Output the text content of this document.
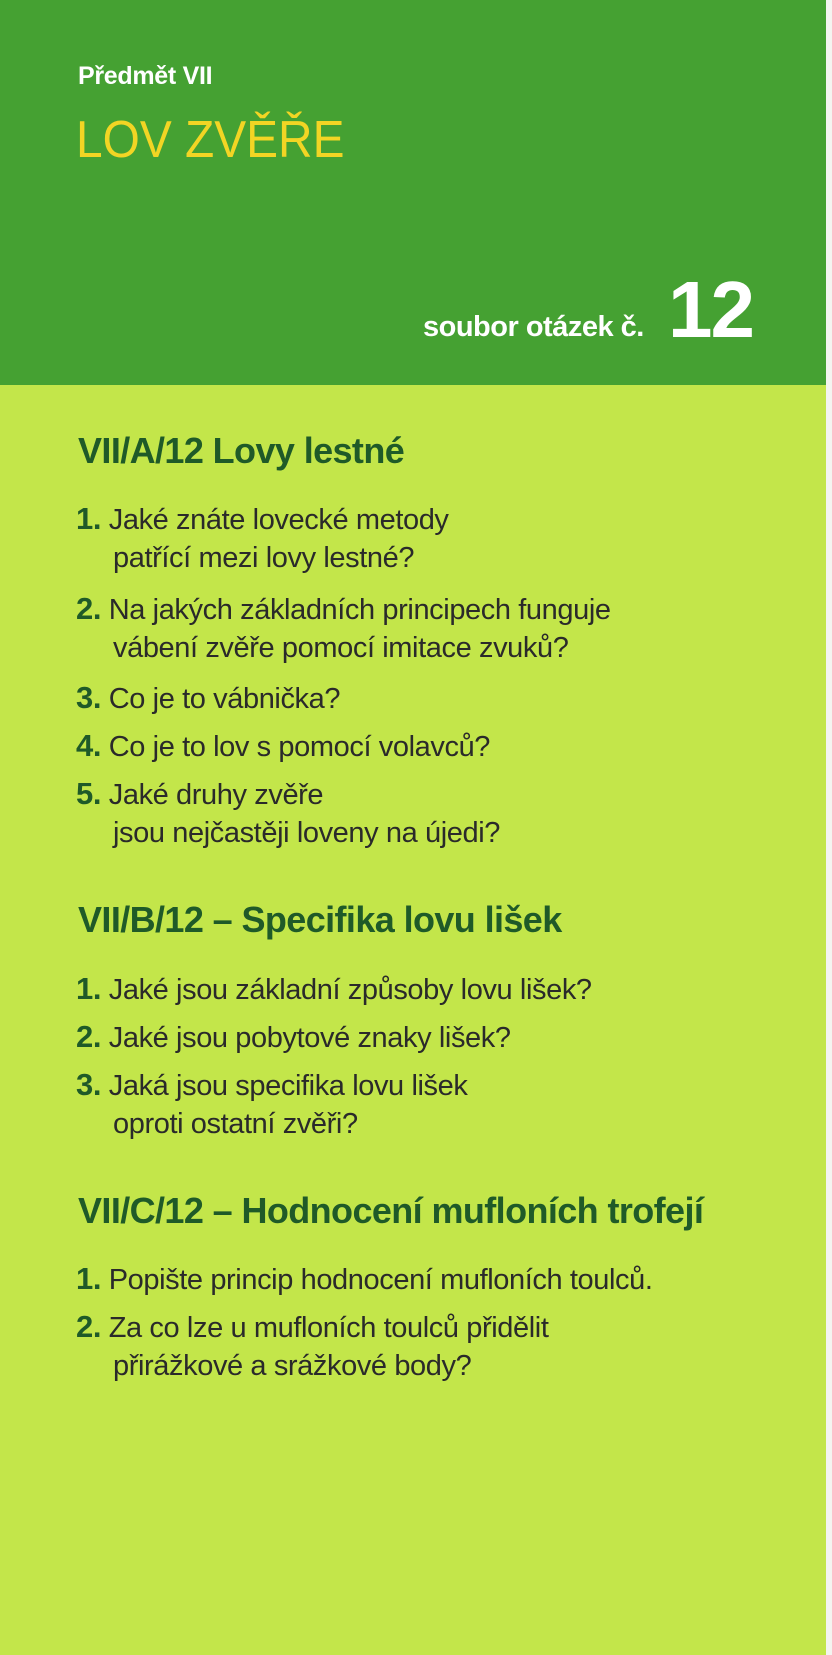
Předmět VII
LOV ZVĚŘE
soubor otázek č. 12
VII/A/12 Lovy lestné
1. Jaké znáte lovecké metody
patřící mezi lovy lestné?
2. Na jakých základních principech funguje
vábení zvěře pomocí imitace zvuků?
3. Co je to vábnička?
4. Co je to lov s pomocí volavců?
5. Jaké druhy zvěře
jsou nejčastěji loveny na újedi?
VII/B/12 – Specifika lovu lišek
1. Jaké jsou základní způsoby lovu lišek?
2. Jaké jsou pobytové znaky lišek?
3. Jaká jsou specifika lovu lišek
oproti ostatní zvěři?
VII/C/12 – Hodnocení mufloních trofejí
1. Popište princip hodnocení mufloních toulců.
2. Za co lze u mufloních toulců přidělit
přirážkové a srážkové body?
